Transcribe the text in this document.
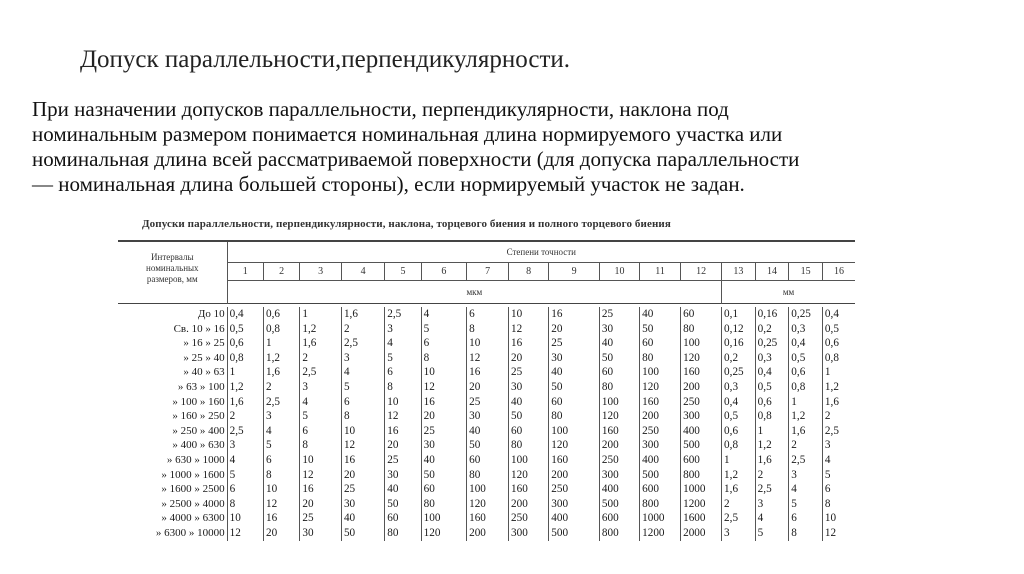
Допуск параллельности,перпендикулярности.
При назначении допусков параллельности, перпендикулярности, наклона под
номинальным размером понимается номинальная длина нормируемого участка или
номинальная длина всей рассматриваемой поверхности (для допуска параллельности
— номинальная длина большей стороны), если нормируемый участок не задан.
Допуски параллельности, перпендикулярности, наклона, торцевого биения и полного торцевого биения
Интервалы
номинальных
размеров, мм	Степени точности															
	1	2	3	4	5	6	7	8	9	10	11	12	13	14	15	16
	мкм												мм			

До 10	0,4	0,6	1	1,6	2,5	4	6	10	16	25	40	60	0,1	0,16	0,25	0,4
Св. 10 » 16	0,5	0,8	1,2	2	3	5	8	12	20	30	50	80	0,12	0,2	0,3	0,5
» 16 » 25	0,6	1	1,6	2,5	4	6	10	16	25	40	60	100	0,16	0,25	0,4	0,6
» 25 » 40	0,8	1,2	2	3	5	8	12	20	30	50	80	120	0,2	0,3	0,5	0,8
» 40 » 63	1	1,6	2,5	4	6	10	16	25	40	60	100	160	0,25	0,4	0,6	1
» 63 » 100	1,2	2	3	5	8	12	20	30	50	80	120	200	0,3	0,5	0,8	1,2
» 100 » 160	1,6	2,5	4	6	10	16	25	40	60	100	160	250	0,4	0,6	1	1,6
» 160 » 250	2	3	5	8	12	20	30	50	80	120	200	300	0,5	0,8	1,2	2
» 250 » 400	2,5	4	6	10	16	25	40	60	100	160	250	400	0,6	1	1,6	2,5
» 400 » 630	3	5	8	12	20	30	50	80	120	200	300	500	0,8	1,2	2	3
» 630 » 1000	4	6	10	16	25	40	60	100	160	250	400	600	1	1,6	2,5	4
» 1000 » 1600	5	8	12	20	30	50	80	120	200	300	500	800	1,2	2	3	5
» 1600 » 2500	6	10	16	25	40	60	100	160	250	400	600	1000	1,6	2,5	4	6
» 2500 » 4000	8	12	20	30	50	80	120	200	300	500	800	1200	2	3	5	8
» 4000 » 6300	10	16	25	40	60	100	160	250	400	600	1000	1600	2,5	4	6	10
» 6300 » 10000	12	20	30	50	80	120	200	300	500	800	1200	2000	3	5	8	12
